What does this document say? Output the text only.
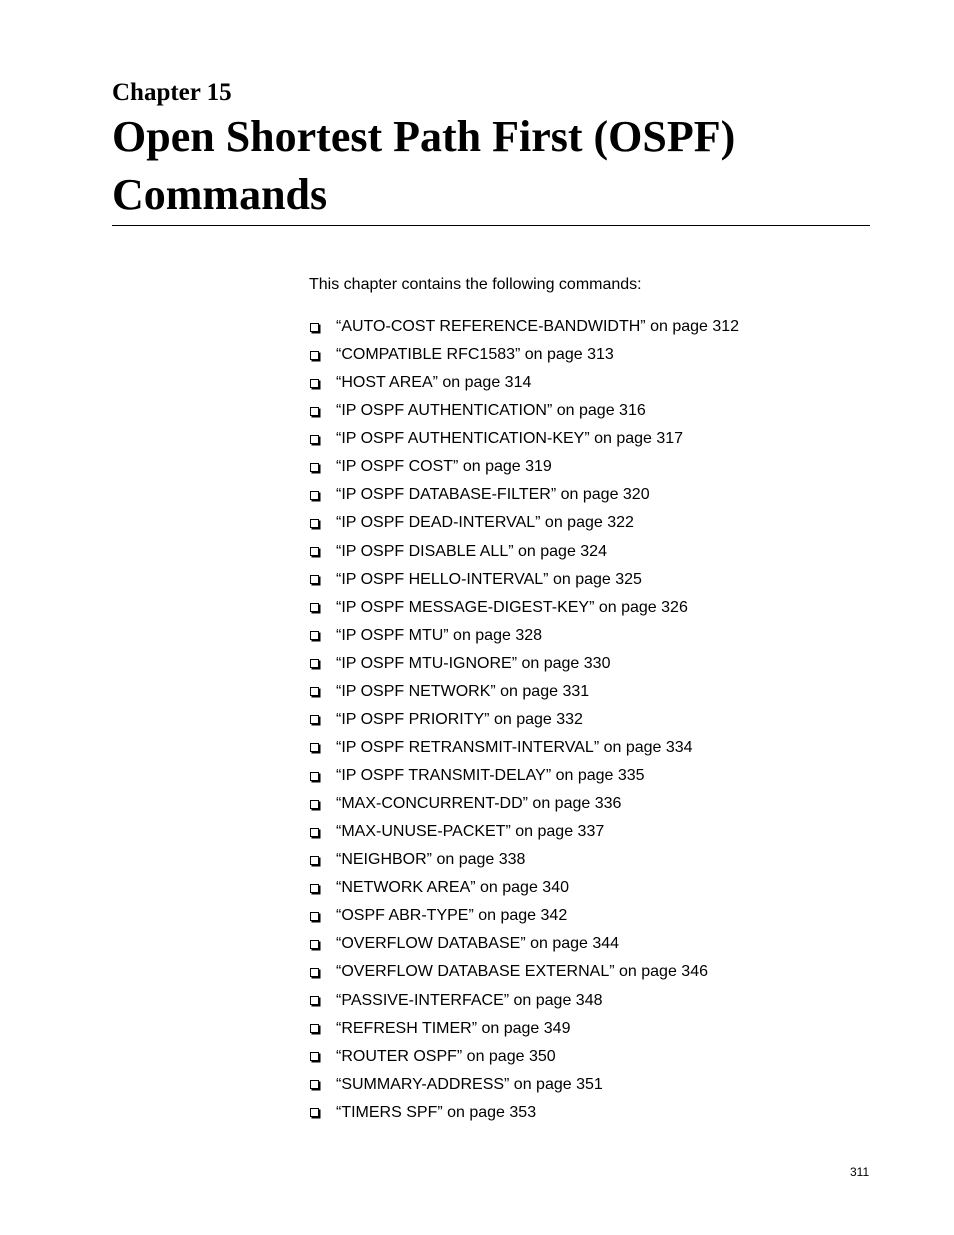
Chapter 15
Open Shortest Path First (OSPF) Commands

This chapter contains the following commands:

“AUTO-COST REFERENCE-BANDWIDTH” on page 312
“COMPATIBLE RFC1583” on page 313
“HOST AREA” on page 314
“IP OSPF AUTHENTICATION” on page 316
“IP OSPF AUTHENTICATION-KEY” on page 317
“IP OSPF COST” on page 319
“IP OSPF DATABASE-FILTER” on page 320
“IP OSPF DEAD-INTERVAL” on page 322
“IP OSPF DISABLE ALL” on page 324
“IP OSPF HELLO-INTERVAL” on page 325
“IP OSPF MESSAGE-DIGEST-KEY” on page 326
“IP OSPF MTU” on page 328
“IP OSPF MTU-IGNORE” on page 330
“IP OSPF NETWORK” on page 331
“IP OSPF PRIORITY” on page 332
“IP OSPF RETRANSMIT-INTERVAL” on page 334
“IP OSPF TRANSMIT-DELAY” on page 335
“MAX-CONCURRENT-DD” on page 336
“MAX-UNUSE-PACKET” on page 337
“NEIGHBOR” on page 338
“NETWORK AREA” on page 340
“OSPF ABR-TYPE” on page 342
“OVERFLOW DATABASE” on page 344
“OVERFLOW DATABASE EXTERNAL” on page 346
“PASSIVE-INTERFACE” on page 348
“REFRESH TIMER” on page 349
“ROUTER OSPF” on page 350
“SUMMARY-ADDRESS” on page 351
“TIMERS SPF” on page 353

311
